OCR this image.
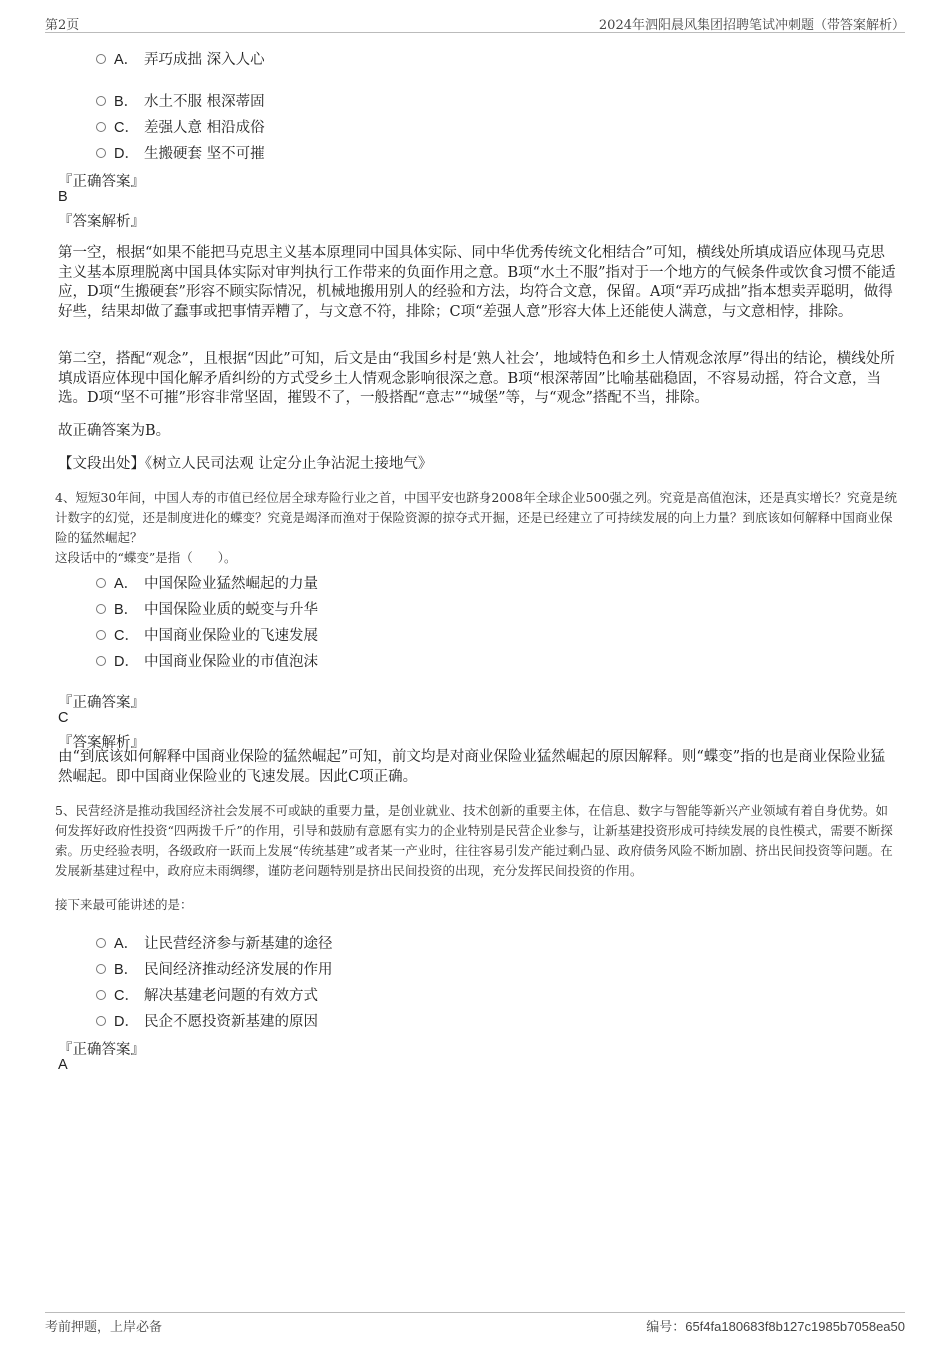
第2页	2024年泗阳晨风集团招聘笔试冲刺题（带答案解析）
A． 弄巧成拙 深入人心
B． 水土不服 根深蒂固
C． 差强人意 相沿成俗
D． 生搬硬套 坚不可摧
『正确答案』
B
『答案解析』
第一空，根据“如果不能把马克思主义基本原理同中国具体实际、同中华优秀传统文化相结合”可知，横线处所填成语应体现马克思主义基本原理脱离中国具体实际对审判执行工作带来的负面作用之意。B项“水土不服”指对于一个地方的气候条件或饮食习惯不能适应，D项“生搬硬套”形容不顾实际情况，机械地搬用别人的经验和方法，均符合文意，保留。A项“弄巧成拙”指本想卖弄聪明，做得好些，结果却做了蠢事或把事情弄糟了，与文意不符，排除；C项“差强人意”形容大体上还能使人满意，与文意相悖，排除。
第二空，搭配“观念”，且根据“因此”可知，后文是由“我国乡村是‘熟人社会’，地域特色和乡土人情观念浓厚”得出的结论，横线处所填成语应体现中国化解矛盾纠纷的方式受乡土人情观念影响很深之意。B项“根深蒂固”比喻基础稳固，不容易动摇，符合文意，当选。D项“坚不可摧”形容非常坚固，摧毁不了，一般搭配“意志”“城堡”等，与“观念”搭配不当，排除。
故正确答案为B。
【文段出处】《树立人民司法观 让定分止争沾泥土接地气》
4、短短30年间，中国人寿的市值已经位居全球寿险行业之首，中国平安也跻身2008年全球企业500强之列。究竟是高值泡沫，还是真实增长？究竟是统计数字的幻觉，还是制度进化的蝶变？究竟是竭泽而渔对于保险资源的掠夺式开掘，还是已经建立了可持续发展的向上力量？到底该如何解释中国商业保险的猛然崛起？
这段话中的“蝶变”是指（　　）。
A． 中国保险业猛然崛起的力量
B． 中国保险业质的蜕变与升华
C． 中国商业保险业的飞速发展
D． 中国商业保险业的市值泡沫
『正确答案』
C
『答案解析』
由“到底该如何解释中国商业保险的猛然崛起”可知，前文均是对商业保险业猛然崛起的原因解释。则“蝶变”指的也是商业保险业猛然崛起。即中国商业保险业的飞速发展。因此C项正确。
5、民营经济是推动我国经济社会发展不可或缺的重要力量，是创业就业、技术创新的重要主体，在信息、数字与智能等新兴产业领域有着自身优势。如何发挥好政府性投资“四两拨千斤”的作用，引导和鼓励有意愿有实力的企业特别是民营企业参与，让新基建投资形成可持续发展的良性模式，需要不断探索。历史经验表明，各级政府一跃而上发展“传统基建”或者某一产业时，往往容易引发产能过剩凸显、政府债务风险不断加剧、挤出民间投资等问题。在发展新基建过程中，政府应未雨绸缪，谨防老问题特别是挤出民间投资的出现，充分发挥民间投资的作用。
接下来最可能讲述的是：
A． 让民营经济参与新基建的途径
B． 民间经济推动经济发展的作用
C． 解决基建老问题的有效方式
D． 民企不愿投资新基建的原因
『正确答案』
A
考前押题，上岸必备	编号：65f4fa180683f8b127c1985b7058ea50
